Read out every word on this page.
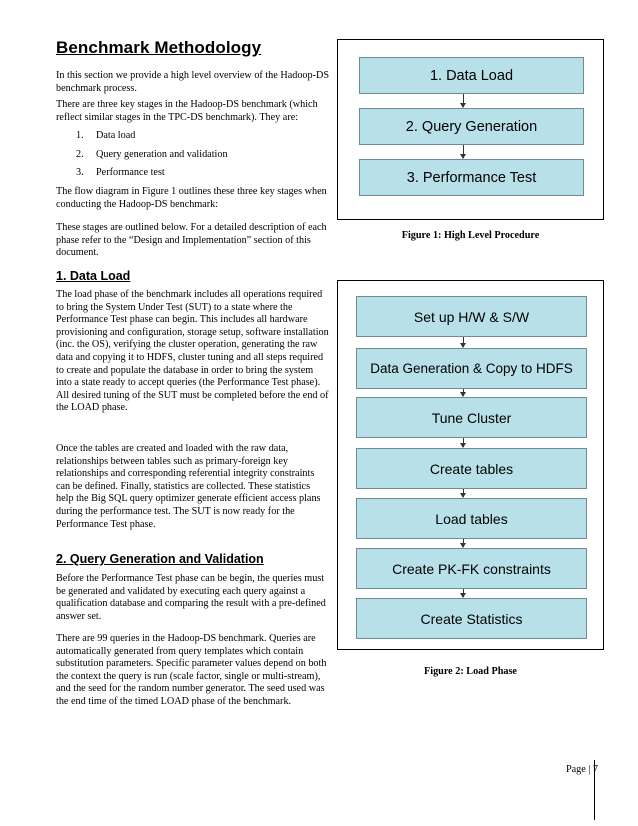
Benchmark Methodology
In this section we provide a high level overview of the Hadoop-DS benchmark process.
There are three key stages in the Hadoop-DS benchmark (which reflect similar stages in the TPC-DS benchmark). They are:
1. Data load
2. Query generation and validation
3. Performance test
The flow diagram in Figure 1 outlines these three key stages when conducting the Hadoop-DS benchmark:
These stages are outlined below. For a detailed description of each phase refer to the “Design and Implementation” section of this document.
1. Data Load
2. Query Generation
3. Performance Test
Figure 1: High Level Procedure
1. Data Load
The load phase of the benchmark includes all operations required to bring the System Under Test (SUT) to a state where the Performance Test phase can begin. This includes all hardware provisioning and configuration, storage setup, software installation (inc. the OS), verifying the cluster operation, generating the raw data and copying it to HDFS, cluster tuning and all steps required to create and populate the database in order to bring the system into a state ready to accept queries (the Performance Test phase). All desired tuning of the SUT must be completed before the end of the LOAD phase.
Once the tables are created and loaded with the raw data, relationships between tables such as primary-foreign key relationships and corresponding referential integrity constraints can be defined. Finally, statistics are collected. These statistics help the Big SQL query optimizer generate efficient access plans during the performance test. The SUT is now ready for the Performance Test phase.
Set up H/W & S/W
Data Generation & Copy to HDFS
Tune Cluster
Create tables
Load tables
Create PK-FK constraints
Create Statistics
Figure 2: Load Phase
2. Query Generation and Validation
Before the Performance Test phase can be begin, the queries must be generated and validated by executing each query against a qualification database and comparing the result with a pre-defined answer set.
There are 99 queries in the Hadoop-DS benchmark. Queries are automatically generated from query templates which contain substitution parameters. Specific parameter values depend on both the context the query is run (scale factor, single or multi-stream), and the seed for the random number generator. The seed used was the end time of the timed LOAD phase of the benchmark.
Page | 7
